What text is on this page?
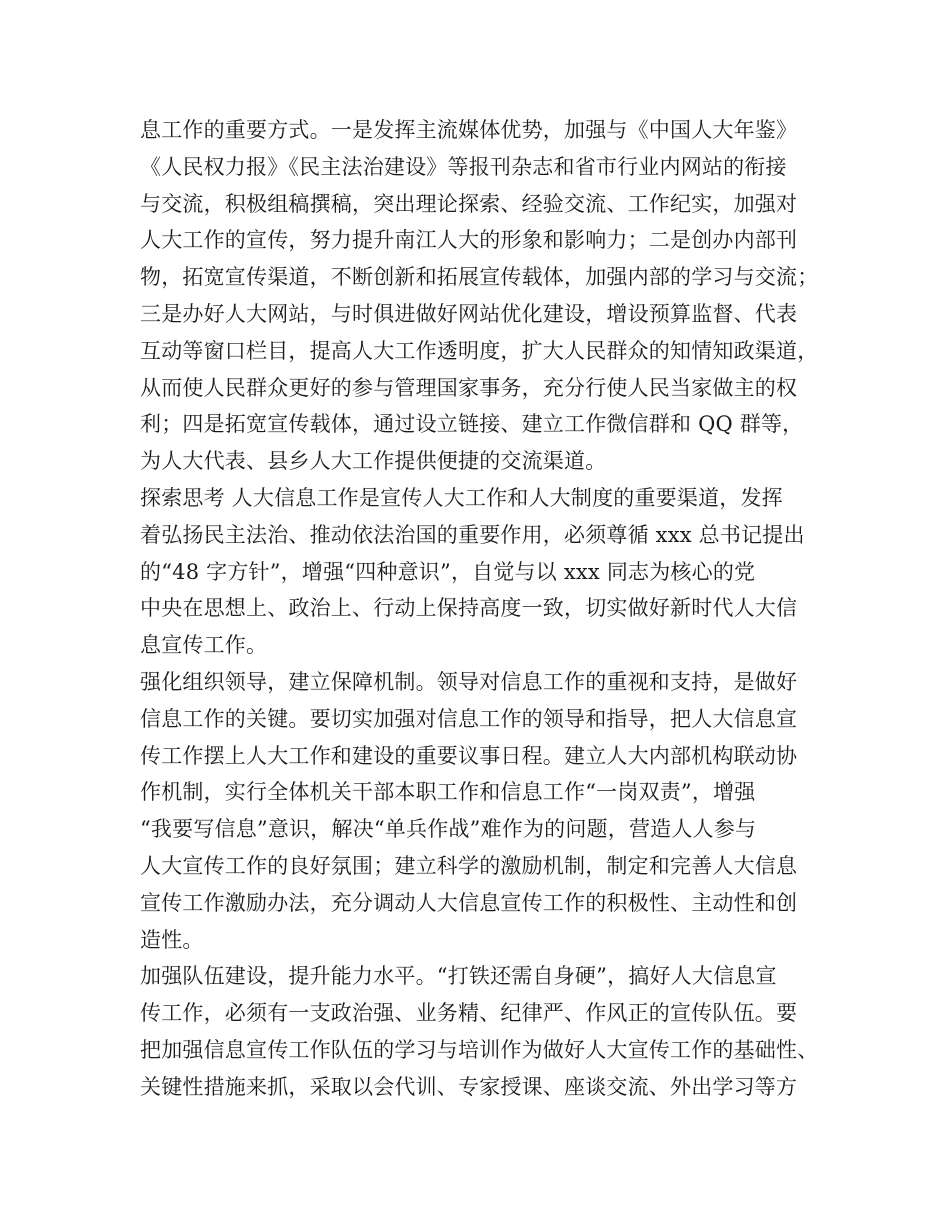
息工作的重要方式。一是发挥主流媒体优势，加强与《中国人大年鉴》
《人民权力报》《民主法治建设》等报刊杂志和省市行业内网站的衔接
与交流，积极组稿撰稿，突出理论探索、经验交流、工作纪实，加强对
人大工作的宣传，努力提升南江人大的形象和影响力；二是创办内部刊
物，拓宽宣传渠道，不断创新和拓展宣传载体，加强内部的学习与交流；
三是办好人大网站，与时俱进做好网站优化建设，增设预算监督、代表
互动等窗口栏目，提高人大工作透明度，扩大人民群众的知情知政渠道，
从而使人民群众更好的参与管理国家事务，充分行使人民当家做主的权
利；四是拓宽宣传载体，通过设立链接、建立工作微信群和 QQ 群等，
为人大代表、县乡人大工作提供便捷的交流渠道。
探索思考 人大信息工作是宣传人大工作和人大制度的重要渠道，发挥
着弘扬民主法治、推动依法治国的重要作用，必须尊循 xxx 总书记提出
的“48 字方针”，增强“四种意识”，自觉与以 xxx 同志为核心的党
中央在思想上、政治上、行动上保持高度一致，切实做好新时代人大信
息宣传工作。
强化组织领导，建立保障机制。领导对信息工作的重视和支持，是做好
信息工作的关键。要切实加强对信息工作的领导和指导，把人大信息宣
传工作摆上人大工作和建设的重要议事日程。建立人大内部机构联动协
作机制，实行全体机关干部本职工作和信息工作“一岗双责”，增强
“我要写信息”意识，解决“单兵作战”难作为的问题，营造人人参与
人大宣传工作的良好氛围；建立科学的激励机制，制定和完善人大信息
宣传工作激励办法，充分调动人大信息宣传工作的积极性、主动性和创
造性。
加强队伍建设，提升能力水平。“打铁还需自身硬”，搞好人大信息宣
传工作，必须有一支政治强、业务精、纪律严、作风正的宣传队伍。要
把加强信息宣传工作队伍的学习与培训作为做好人大宣传工作的基础性、
关键性措施来抓，采取以会代训、专家授课、座谈交流、外出学习等方
